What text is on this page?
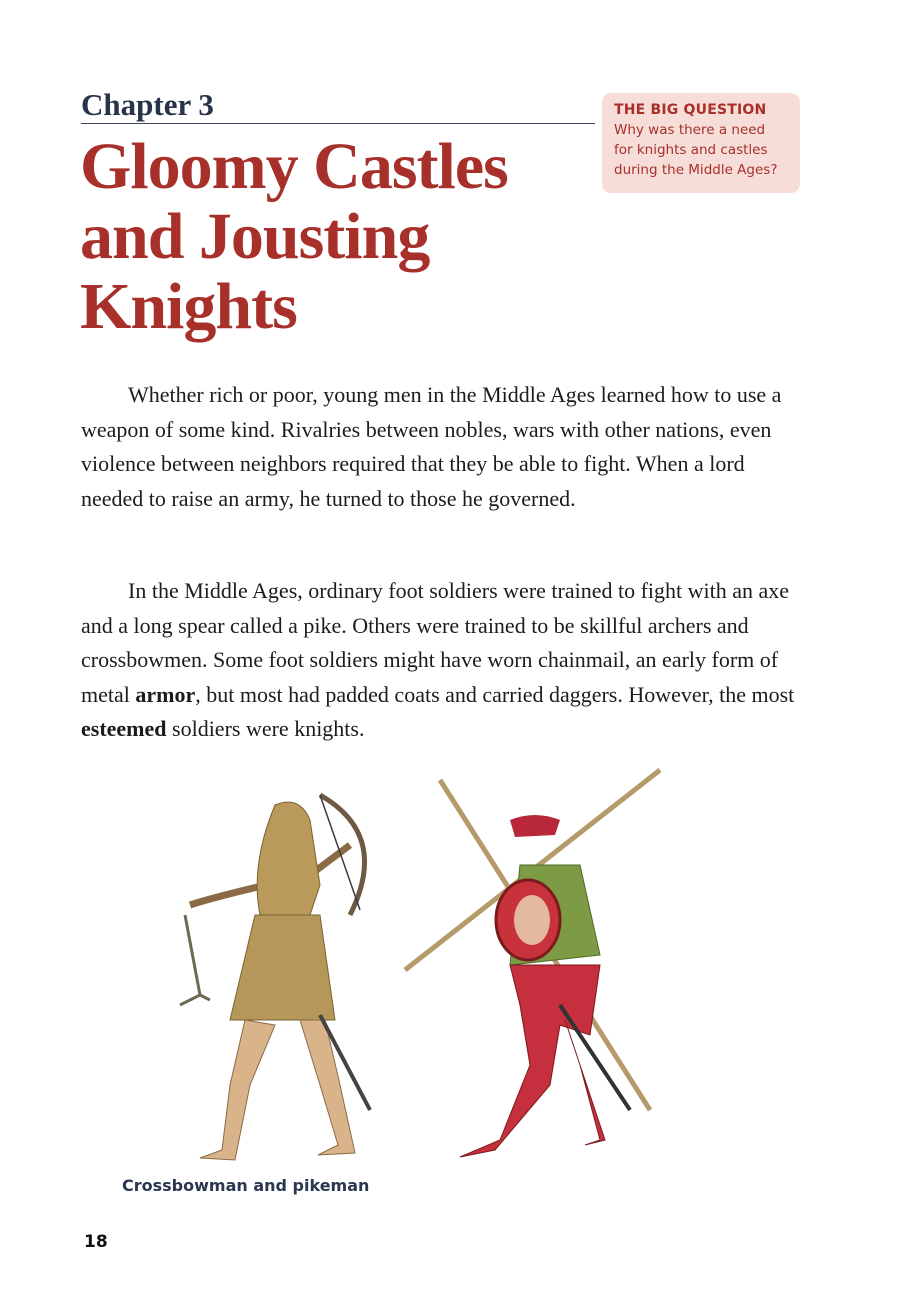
Chapter 3
Gloomy Castles
and Jousting
Knights
THE BIG QUESTION
Why was there a need
for knights and castles
during the Middle Ages?

Whether rich or poor, young men in the Middle Ages learned how to use a weapon of some kind. Rivalries between nobles, wars with other nations, even violence between neighbors required that they be able to fight. When a lord needed to raise an army, he turned to those he governed.

In the Middle Ages, ordinary foot soldiers were trained to fight with an axe and a long spear called a pike. Others were trained to be skillful archers and crossbowmen. Some foot soldiers might have worn chainmail, an early form of metal armor, but most had padded coats and carried daggers. However, the most esteemed soldiers were knights.

Crossbowman and pikeman
18
